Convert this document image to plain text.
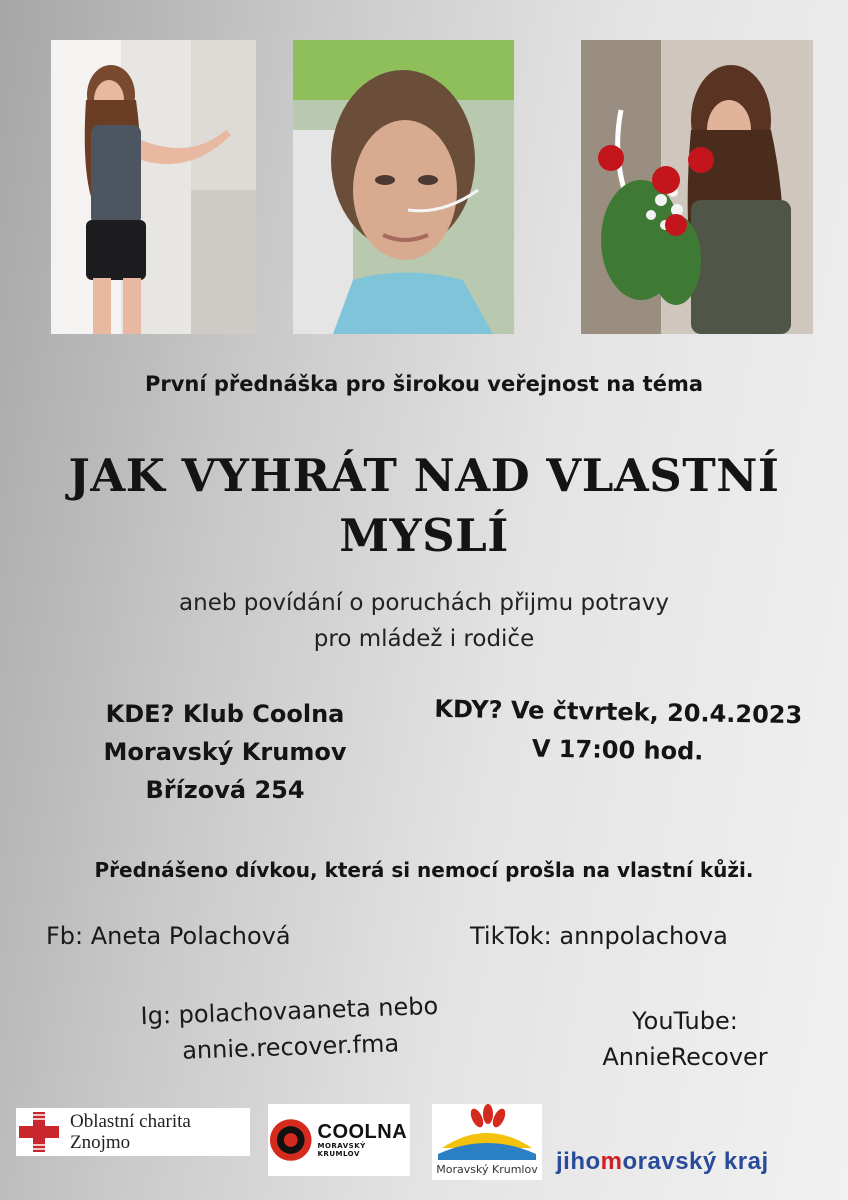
První přednáška pro širokou veřejnost na téma
JAK VYHRÁT NAD VLASTNÍ
MYSLÍ
aneb povídání o poruchách přijmu potravy
pro mládež i rodiče
KDE? Klub Coolna
Moravský Krumov
Břízová 254
KDY? Ve čtvrtek, 20.4.2023
V 17:00 hod.
Přednášeno dívkou, která si nemocí prošla na vlastní kůži.
Fb: Aneta Polachová	TikTok: annpolachova
Ig: polachovaaneta nebo
annie.recover.fma
YouTube:
AnnieRecover
Oblastní charita
Znojmo	COOLNA
MORAVSKÝ KRUMLOV
Moravský Krumlov jihomoravský kraj
